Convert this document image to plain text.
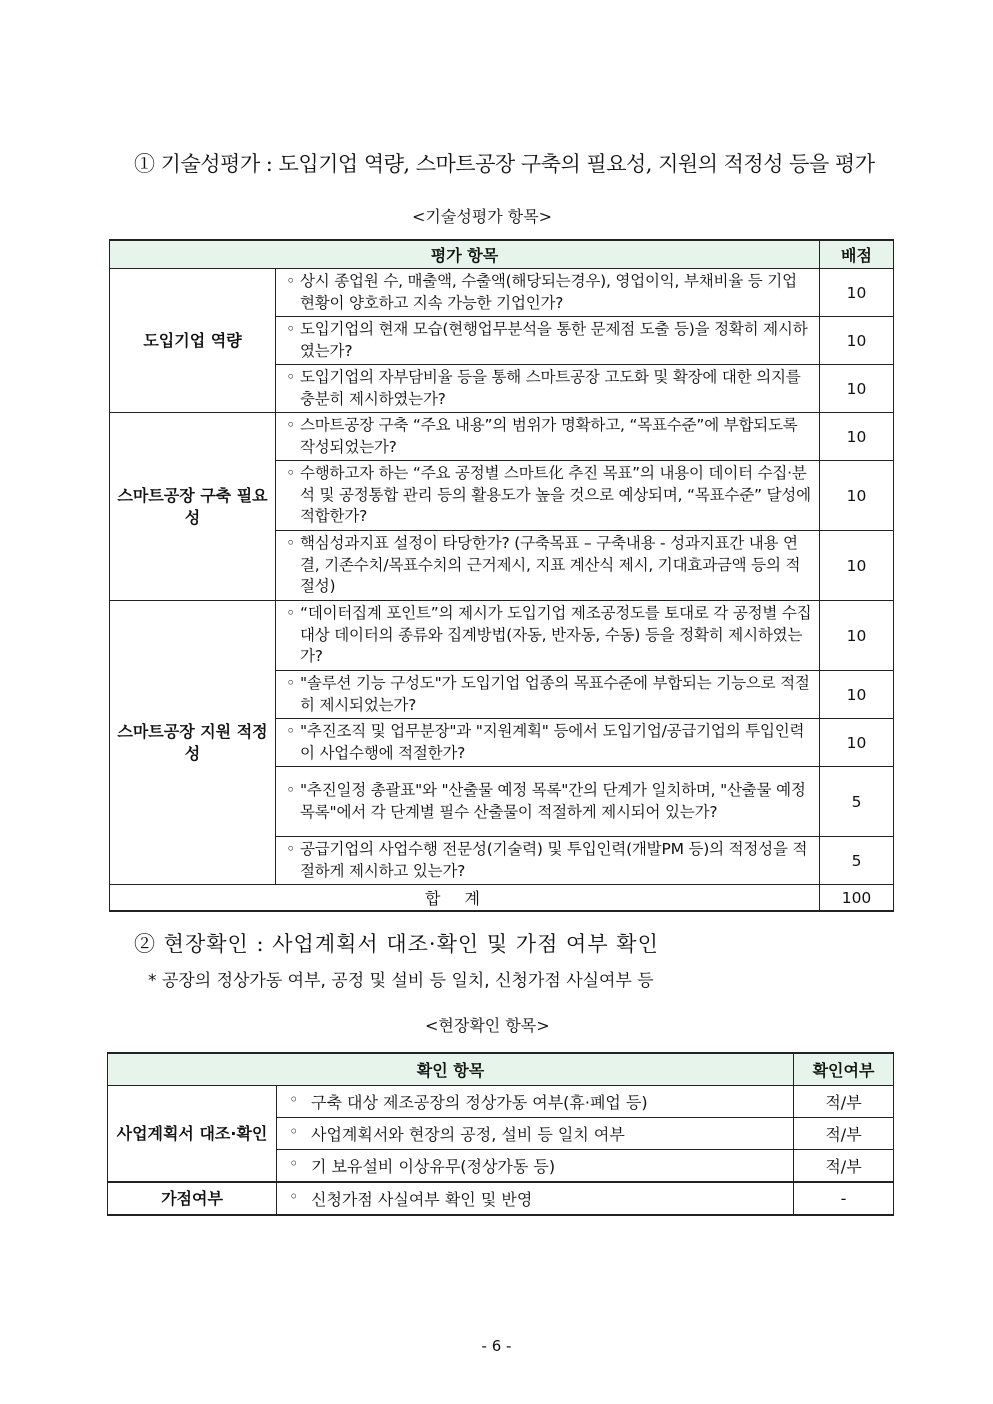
① 기술성평가 : 도입기업 역량, 스마트공장 구축의 필요성, 지원의 적정성 등을 평가
<기술성평가 항목>
평가 항목		배점
도입기업 역량	◦ 상시 종업원 수, 매출액, 수출액(해당되는경우), 영업이익, 부채비율 등 기업 현황이 양호하고 지속 가능한 기업인가?	10

	◦ 도입기업의 현재 모습(현행업무분석을 통한 문제점 도출 등)을 정확히 제시하였는가?	10

	◦ 도입기업의 자부담비율 등을 통해 스마트공장 고도화 및 확장에 대한 의지를 충분히 제시하였는가?	10
스마트공장 구축 필요성	◦ 스마트공장 구축 “주요 내용”의 범위가 명확하고, “목표수준”에 부합되도록 작성되었는가?	10

	◦ 수행하고자 하는 “주요 공정별 스마트化 추진 목표”의 내용이 데이터 수집·분석 및 공정통합 관리 등의 활용도가 높을 것으로 예상되며, “목표수준” 달성에 적합한가?	10

	◦ 핵심성과지표 설정이 타당한가? (구축목표 – 구축내용 - 성과지표간 내용 연결, 기존수치/목표수치의 근거제시, 지표 계산식 제시, 기대효과금액 등의 적절성)	10
스마트공장 지원 적정성	◦ “데이터집계 포인트”의 제시가 도입기업 제조공정도를 토대로 각 공정별 수집 대상 데이터의 종류와 집계방법(자동, 반자동, 수동) 등을 정확히 제시하였는가?	10

	◦ "솔루션 기능 구성도"가 도입기업 업종의 목표수준에 부합되는 기능으로 적절히 제시되었는가?	10

	◦ "추진조직 및 업무분장"과 "지원계획" 등에서 도입기업/공급기업의 투입인력이 사업수행에 적절한가?	10

	◦ "추진일정 총괄표"와 "산출물 예정 목록"간의 단계가 일치하며, "산출물 예정 목록"에서 각 단계별 필수 산출물이 적절하게 제시되어 있는가?	5

	◦ 공급기업의 사업수행 전문성(기술력) 및 투입인력(개발PM 등)의 적정성을 적절하게 제시하고 있는가?	5
합계		100
② 현장확인 : 사업계획서 대조·확인 및 가점 여부 확인
* 공장의 정상가동 여부, 공정 및 설비 등 일치, 신청가점 사실여부 등
<현장확인 항목>
확인 항목		확인여부
사업계획서 대조·확인	◦ 구축 대상 제조공장의 정상가동 여부(휴·폐업 등)	적/부

	◦ 사업계획서와 현장의 공정, 설비 등 일치 여부	적/부

	◦ 기 보유설비 이상유무(정상가동 등)	적/부
가점여부	◦ 신청가점 사실여부 확인 및 반영	-
- 6 -
